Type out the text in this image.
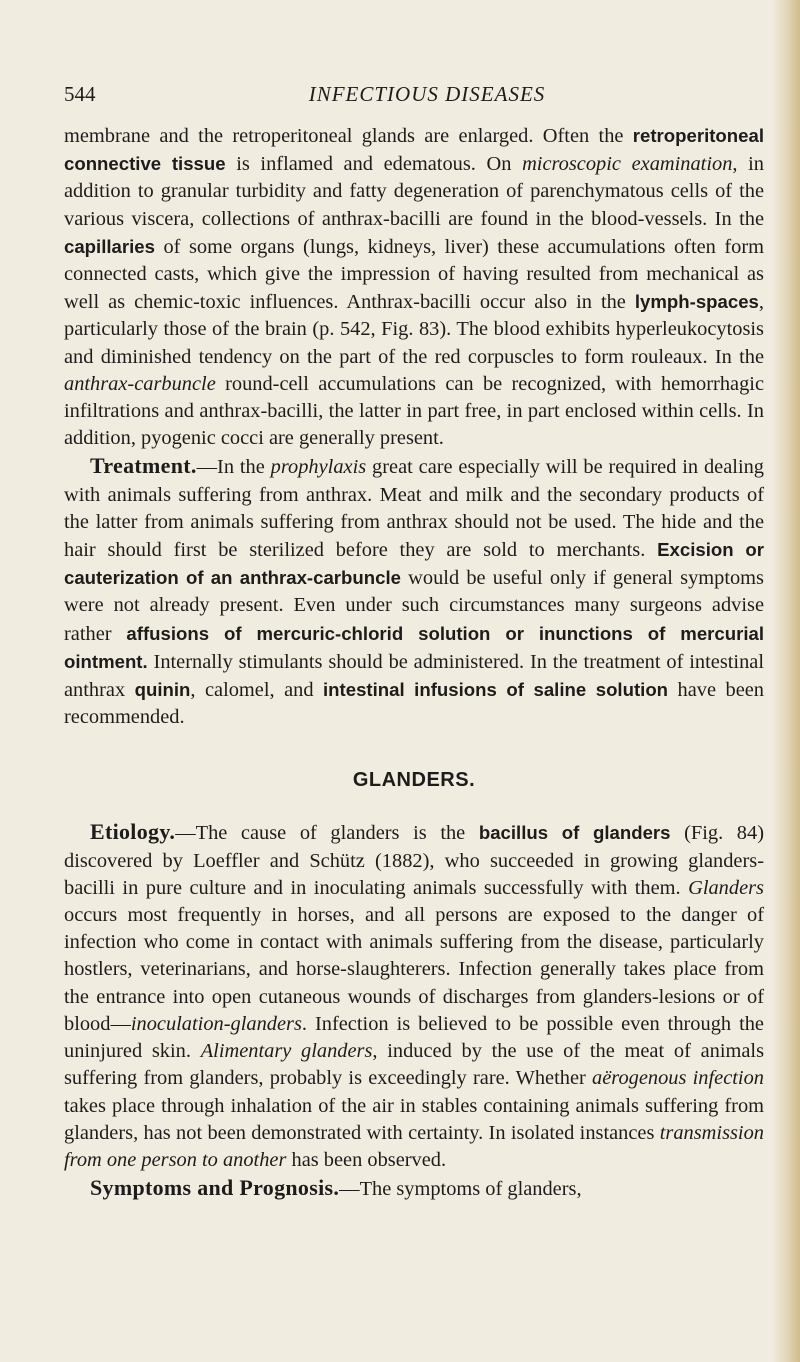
544	INFECTIOUS DISEASES

membrane and the retroperitoneal glands are enlarged. Often the retroperitoneal connective tissue is inflamed and edematous. On microscopic examination, in addition to granular turbidity and fatty degeneration of parenchymatous cells of the various viscera, collections of anthrax-bacilli are found in the blood-vessels. In the capillaries of some organs (lungs, kidneys, liver) these accumulations often form connected casts, which give the impression of having resulted from mechanical as well as chemic-toxic influences. Anthrax-bacilli occur also in the lymph-spaces, particularly those of the brain (p. 542, Fig. 83). The blood exhibits hyperleukocytosis and diminished tendency on the part of the red corpuscles to form rouleaux. In the anthrax-carbuncle round-cell accumulations can be recognized, with hemorrhagic infiltrations and anthrax-bacilli, the latter in part free, in part enclosed within cells. In addition, pyogenic cocci are generally present.

Treatment.—In the prophylaxis great care especially will be required in dealing with animals suffering from anthrax. Meat and milk and the secondary products of the latter from animals suffering from anthrax should not be used. The hide and the hair should first be sterilized before they are sold to merchants. Excision or cauterization of an anthrax-carbuncle would be useful only if general symptoms were not already present. Even under such circumstances many surgeons advise rather affusions of mercuric-chlorid solution or inunctions of mercurial ointment. Internally stimulants should be administered. In the treatment of intestinal anthrax quinin, calomel, and intestinal infusions of saline solution have been recommended.

GLANDERS.

Etiology.—The cause of glanders is the bacillus of glanders (Fig. 84) discovered by Loeffler and Schütz (1882), who succeeded in growing glanders-bacilli in pure culture and in inoculating animals successfully with them. Glanders occurs most frequently in horses, and all persons are exposed to the danger of infection who come in contact with animals suffering from the disease, particularly hostlers, veterinarians, and horse-slaughterers. Infection generally takes place from the entrance into open cutaneous wounds of discharges from glanders-lesions or of blood—inoculation-glanders. Infection is believed to be possible even through the uninjured skin. Alimentary glanders, induced by the use of the meat of animals suffering from glanders, probably is exceedingly rare. Whether aërogenous infection takes place through inhalation of the air in stables containing animals suffering from glanders, has not been demonstrated with certainty. In isolated instances transmission from one person to another has been observed.

Symptoms and Prognosis.—The symptoms of glanders,
